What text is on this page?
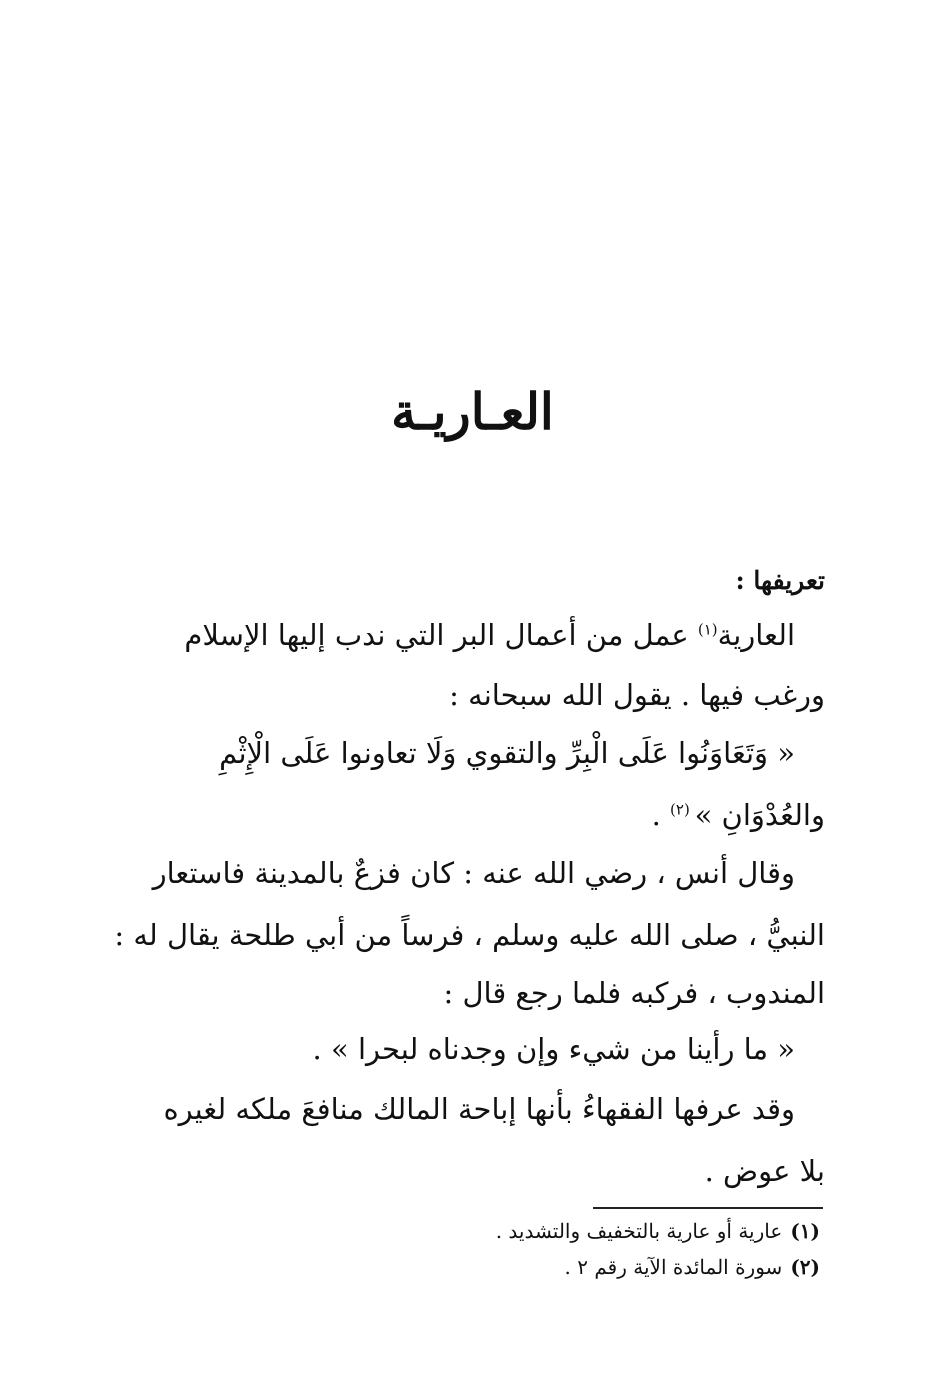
العـاريـة
تعريفها :
العارية$^{(١)}$ عمل من أعمال البر التي ندب إليها الإسلام
ورغب فيها . يقول الله سبحانه :
« وَتَعَاوَنُوا عَلَى الْبِرِّ والتقوي وَلَا تعاونوا عَلَى الْإِثْمِ
والعُدْوَانِ » $^{(٢)}$ .
وقال أنس ، رضي الله عنه : كان فزعٌ بالمدينة فاستعار
النبيُّ ، صلى الله عليه وسلم ، فرساً من أبي طلحة يقال له :
المندوب ، فركبه فلما رجع قال :
« ما رأينا من شيء وإن وجدناه لبحرا » .
وقد عرفها الفقهاءُ بأنها إباحة المالك منافعَ ملكه لغيره
بلا عوض .
(١)عارية أو عارية بالتخفيف والتشديد .
(٢)سورة المائدة الآية رقم ٢ .
